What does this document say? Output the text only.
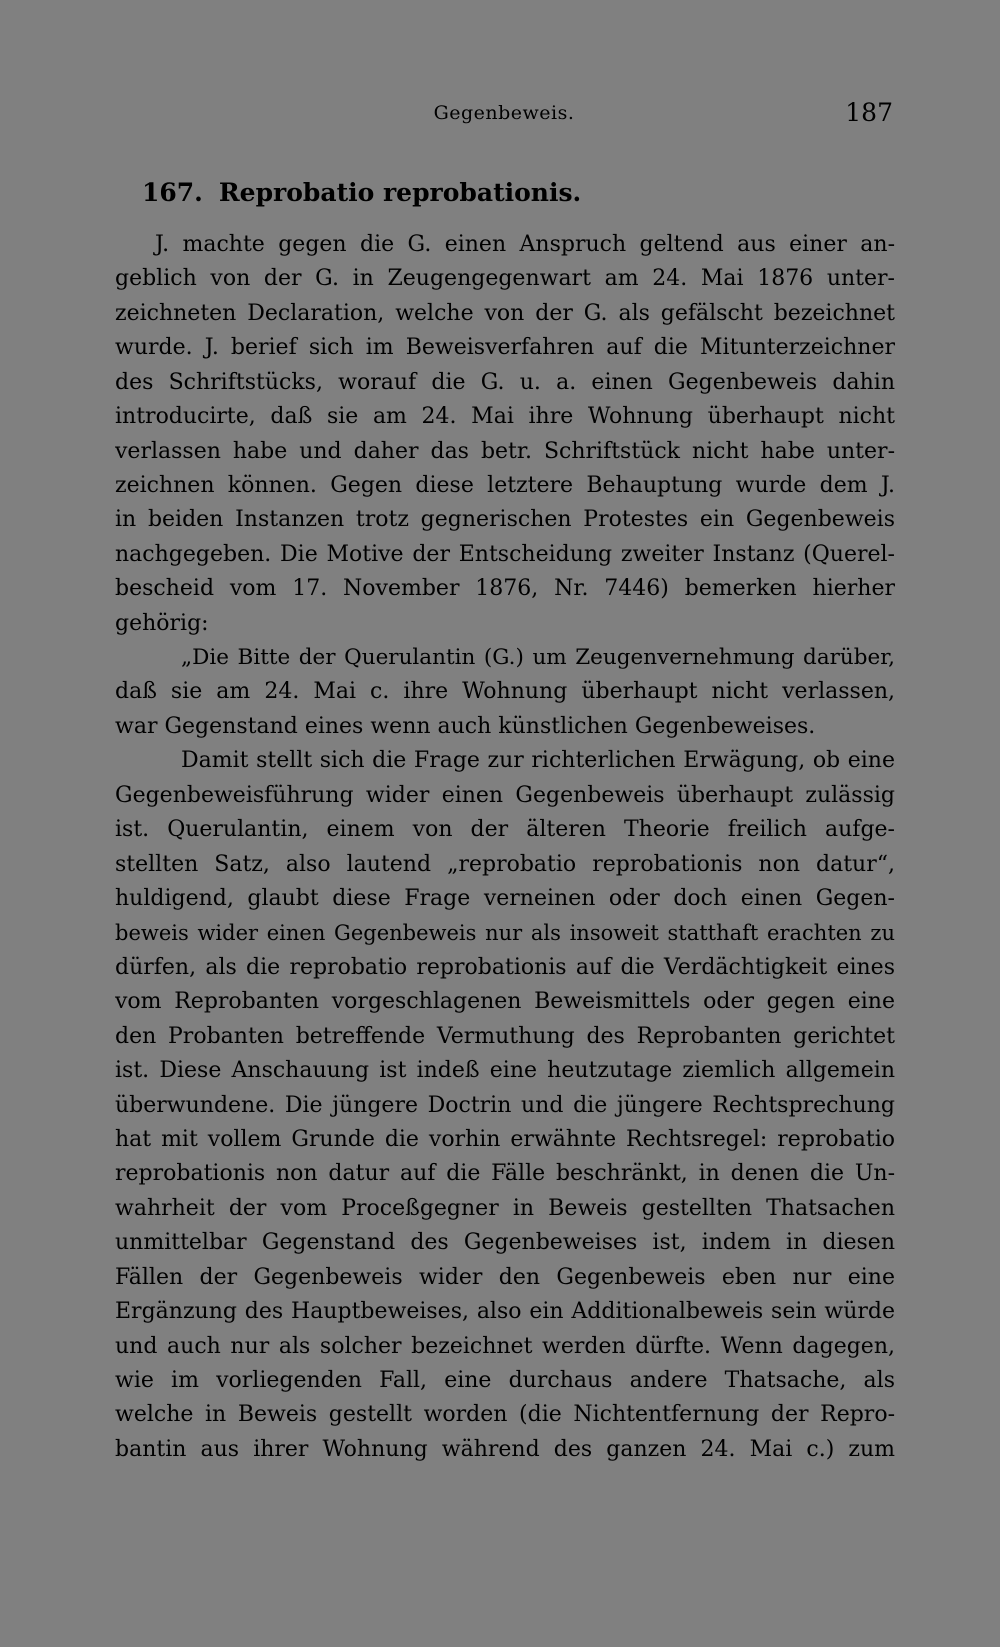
Gegenbeweis.	187
167. Reprobatio reprobationis.
J. machte gegen die G. einen Anspruch geltend aus einer an-
geblich von der G. in Zeugengegenwart am 24. Mai 1876 unter-
zeichneten Declaration, welche von der G. als gefälscht bezeichnet
wurde. J. berief sich im Beweisverfahren auf die Mitunterzeichner
des Schriftstücks, worauf die G. u. a. einen Gegenbeweis dahin
introducirte, daß sie am 24. Mai ihre Wohnung überhaupt nicht
verlassen habe und daher das betr. Schriftstück nicht habe unter-
zeichnen können. Gegen diese letztere Behauptung wurde dem J.
in beiden Instanzen trotz gegnerischen Protestes ein Gegenbeweis
nachgegeben. Die Motive der Entscheidung zweiter Instanz (Querel-
bescheid vom 17. November 1876, Nr. 7446) bemerken hierher
gehörig:
„Die Bitte der Querulantin (G.) um Zeugenvernehmung darüber,
daß sie am 24. Mai c. ihre Wohnung überhaupt nicht verlassen,
war Gegenstand eines wenn auch künstlichen Gegenbeweises.
Damit stellt sich die Frage zur richterlichen Erwägung, ob eine
Gegenbeweisführung wider einen Gegenbeweis überhaupt zulässig
ist. Querulantin, einem von der älteren Theorie freilich aufge-
stellten Satz, also lautend „reprobatio reprobationis non datur“,
huldigend, glaubt diese Frage verneinen oder doch einen Gegen-
beweis wider einen Gegenbeweis nur als insoweit statthaft erachten zu
dürfen, als die reprobatio reprobationis auf die Verdächtigkeit eines
vom Reprobanten vorgeschlagenen Beweismittels oder gegen eine
den Probanten betreffende Vermuthung des Reprobanten gerichtet
ist. Diese Anschauung ist indeß eine heutzutage ziemlich allgemein
überwundene. Die jüngere Doctrin und die jüngere Rechtsprechung
hat mit vollem Grunde die vorhin erwähnte Rechtsregel: reprobatio
reprobationis non datur auf die Fälle beschränkt, in denen die Un-
wahrheit der vom Proceßgegner in Beweis gestellten Thatsachen
unmittelbar Gegenstand des Gegenbeweises ist, indem in diesen
Fällen der Gegenbeweis wider den Gegenbeweis eben nur eine
Ergänzung des Hauptbeweises, also ein Additionalbeweis sein würde
und auch nur als solcher bezeichnet werden dürfte. Wenn dagegen,
wie im vorliegenden Fall, eine durchaus andere Thatsache, als
welche in Beweis gestellt worden (die Nichtentfernung der Repro-
bantin aus ihrer Wohnung während des ganzen 24. Mai c.) zum
